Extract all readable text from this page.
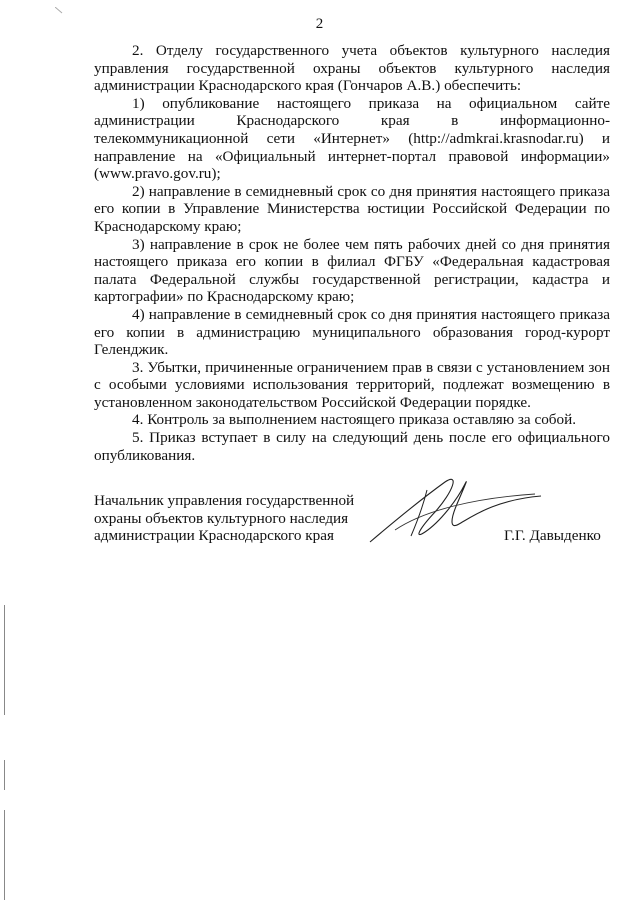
2

2. Отделу государственного учета объектов культурного наследия управления государственной охраны объектов культурного наследия администрации Краснодарского края (Гончаров А.В.) обеспечить:

1) опубликование настоящего приказа на официальном сайте администрации Краснодарского края в информационно-телекоммуникационной сети «Интернет» (http://admkrai.krasnodar.ru) и направление на «Официальный интернет-портал правовой информации» (www.pravo.gov.ru);

2) направление в семидневный срок со дня принятия настоящего приказа его копии в Управление Министерства юстиции Российской Федерации по Краснодарскому краю;

3) направление в срок не более чем пять рабочих дней со дня принятия настоящего приказа его копии в филиал ФГБУ «Федеральная кадастровая палата Федеральной службы государственной регистрации, кадастра и картографии» по Краснодарскому краю;

4) направление в семидневный срок со дня принятия настоящего приказа его копии в администрацию муниципального образования город-курорт Геленджик.

3. Убытки, причиненные ограничением прав в связи с установлением зон с особыми условиями использования территорий, подлежат возмещению в установленном законодательством Российской Федерации порядке.

4. Контроль за выполнением настоящего приказа оставляю за собой.

5. Приказ вступает в силу на следующий день после его официального опубликования.

Начальник управления государственной
охраны объектов культурного наследия
администрации Краснодарского края	Г.Г. Давыденко
